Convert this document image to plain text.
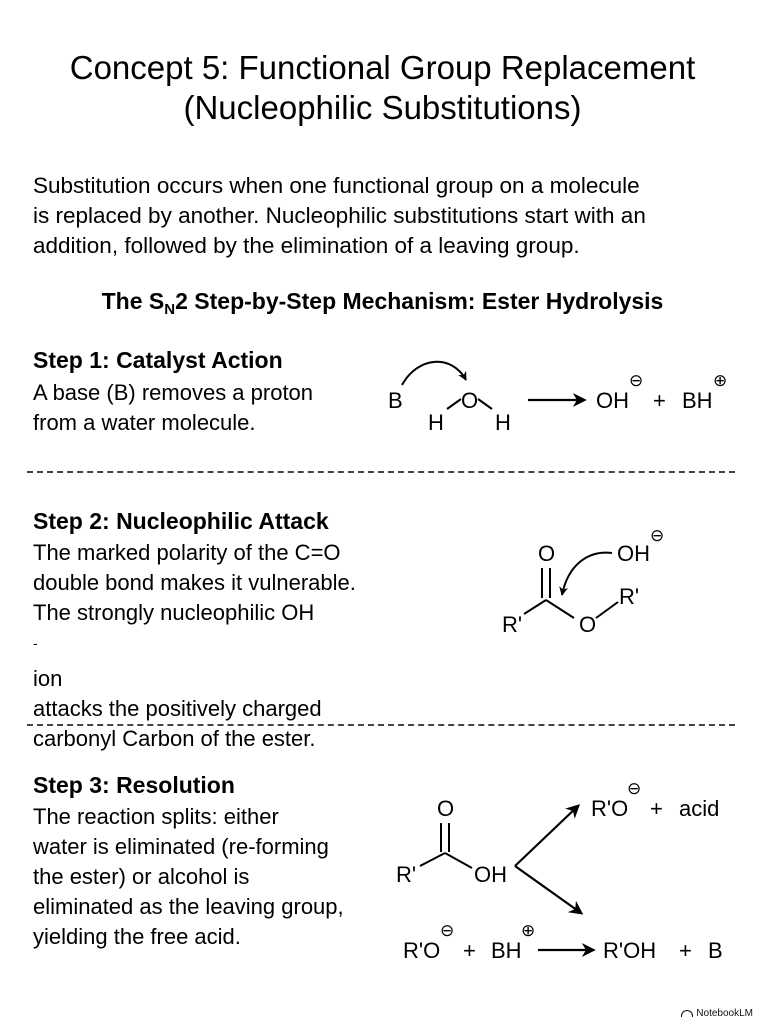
Concept 5: Functional Group Replacement
(Nucleophilic Substitutions)
Substitution occurs when one functional group on a molecule
is replaced by another. Nucleophilic substitutions start with an
addition, followed by the elimination of a leaving group.
The $S_N2$ Step-by-Step Mechanism: Ester Hydrolysis
Step 1: Catalyst Action
A base (B) removes a proton
from a water molecule.
Step 2: Nucleophilic Attack
The marked polarity of the C=O
double bond makes it vulnerable.
The strongly nucleophilic OH
-
ion
attacks the positively charged
carbonyl Carbon of the ester.
Step 3: Resolution
The reaction splits: either
water is eliminated (re-forming
the ester) or alcohol is
eliminated as the leaving group,
yielding the free acid.
B	O
H H
OH
⊖
+ BH
⊕
O
R'	O
R'
OH
⊖
O
R'	OH
R'O
⊖
+ acid
R'O
⊖
+ BH
⊕
R'OH + B
NotebookLM
